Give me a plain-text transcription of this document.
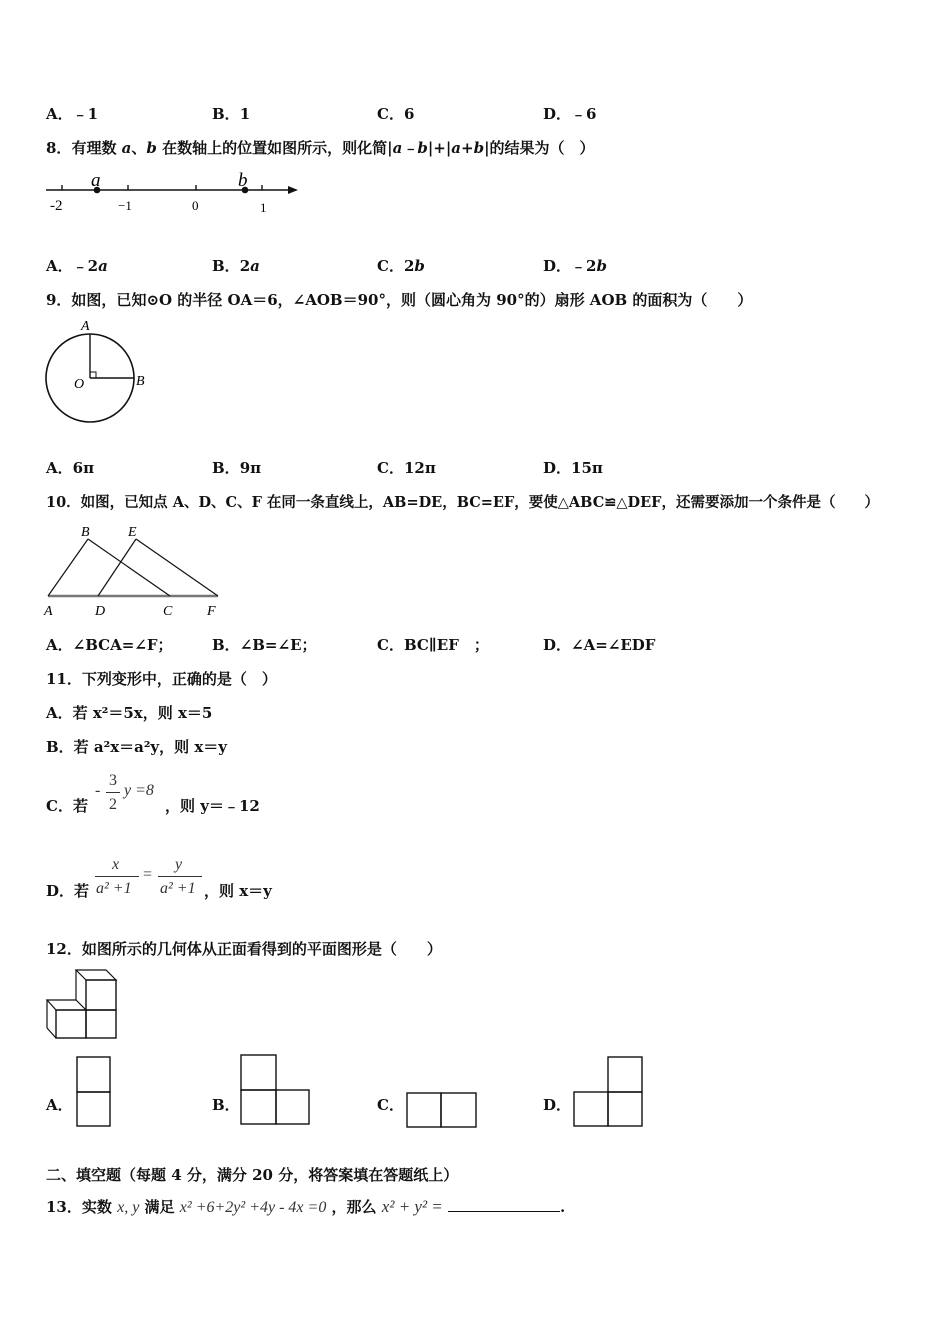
A．﹣1	B．1	C．6	D．﹣6
8．有理数 a、b 在数轴上的位置如图所示，则化简|a﹣b|+|a+b|的结果为（　）
a	b
-2	−1	0	1
A．﹣2a	B．2a	C．2b	D．﹣2b
9．如图，已知⊙O 的半径 OA＝6，∠AOB＝90°，则（圆心角为 90°的）扇形 AOB 的面积为（　　）
A
O	B
A．6π	B．9π	C．12π	D．15π
10．如图，已知点 A、D、C、F 在同一条直线上，AB=DE，BC=EF，要使△ABC≌△DEF，还需要添加一个条件是（　　）
B	E
A	D	C F
A．∠BCA=∠F；	B．∠B=∠E；	C．BC∥EF　；	D．∠A=∠EDF
11．下列变形中，正确的是（　）
A．若 x²＝5x，则 x＝5
B．若 a²x＝a²y，则 x＝y
C．若
-
3
2
y =8
，则 y＝﹣12
D．若
x
a² +1
=
y
a² +1 ，则 x＝y
12．如图所示的几何体从正面看得到的平面图形是（　　）
A．	B．	C．	D．
二、填空题（每题 4 分，满分 20 分，将答案填在答题纸上）
13．实数 x, y 满足 x² +6+2y² +4y - 4x =0 ，那么 x² + y² =	.
